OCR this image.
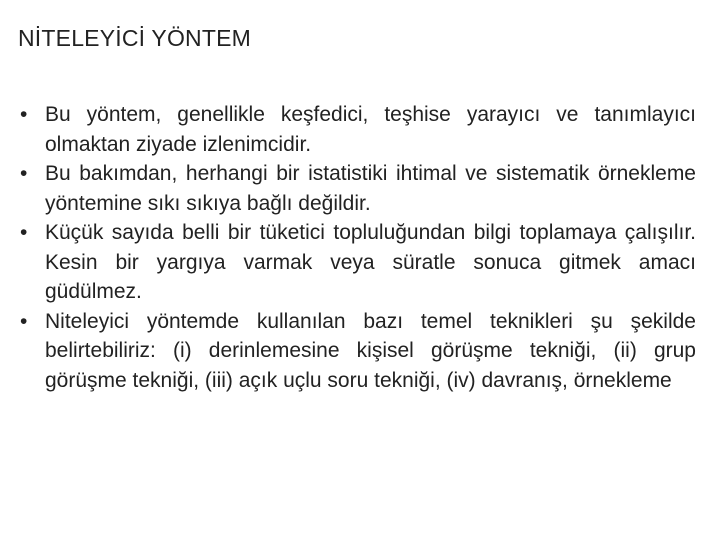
NİTELEYİCİ YÖNTEM
• Bu yöntem, genellikle keşfedici, teşhise yarayıcı ve tanımlayıcı olmaktan ziyade izlenimcidir.
• Bu bakımdan, herhangi bir istatistiki ihtimal ve sistematik örnekleme yöntemine sıkı sıkıya bağlı değildir.
• Küçük sayıda belli bir tüketici topluluğundan bilgi toplamaya çalışılır. Kesin bir yargıya varmak veya süratle sonuca gitmek amacı güdülmez.
• Niteleyici yöntemde kullanılan bazı temel teknikleri şu şekilde belirtebiliriz: (i) derinlemesine kişisel görüşme tekniği, (ii) grup görüşme tekniği, (iii) açık uçlu soru tekniği, (iv) davranış, örnekleme
